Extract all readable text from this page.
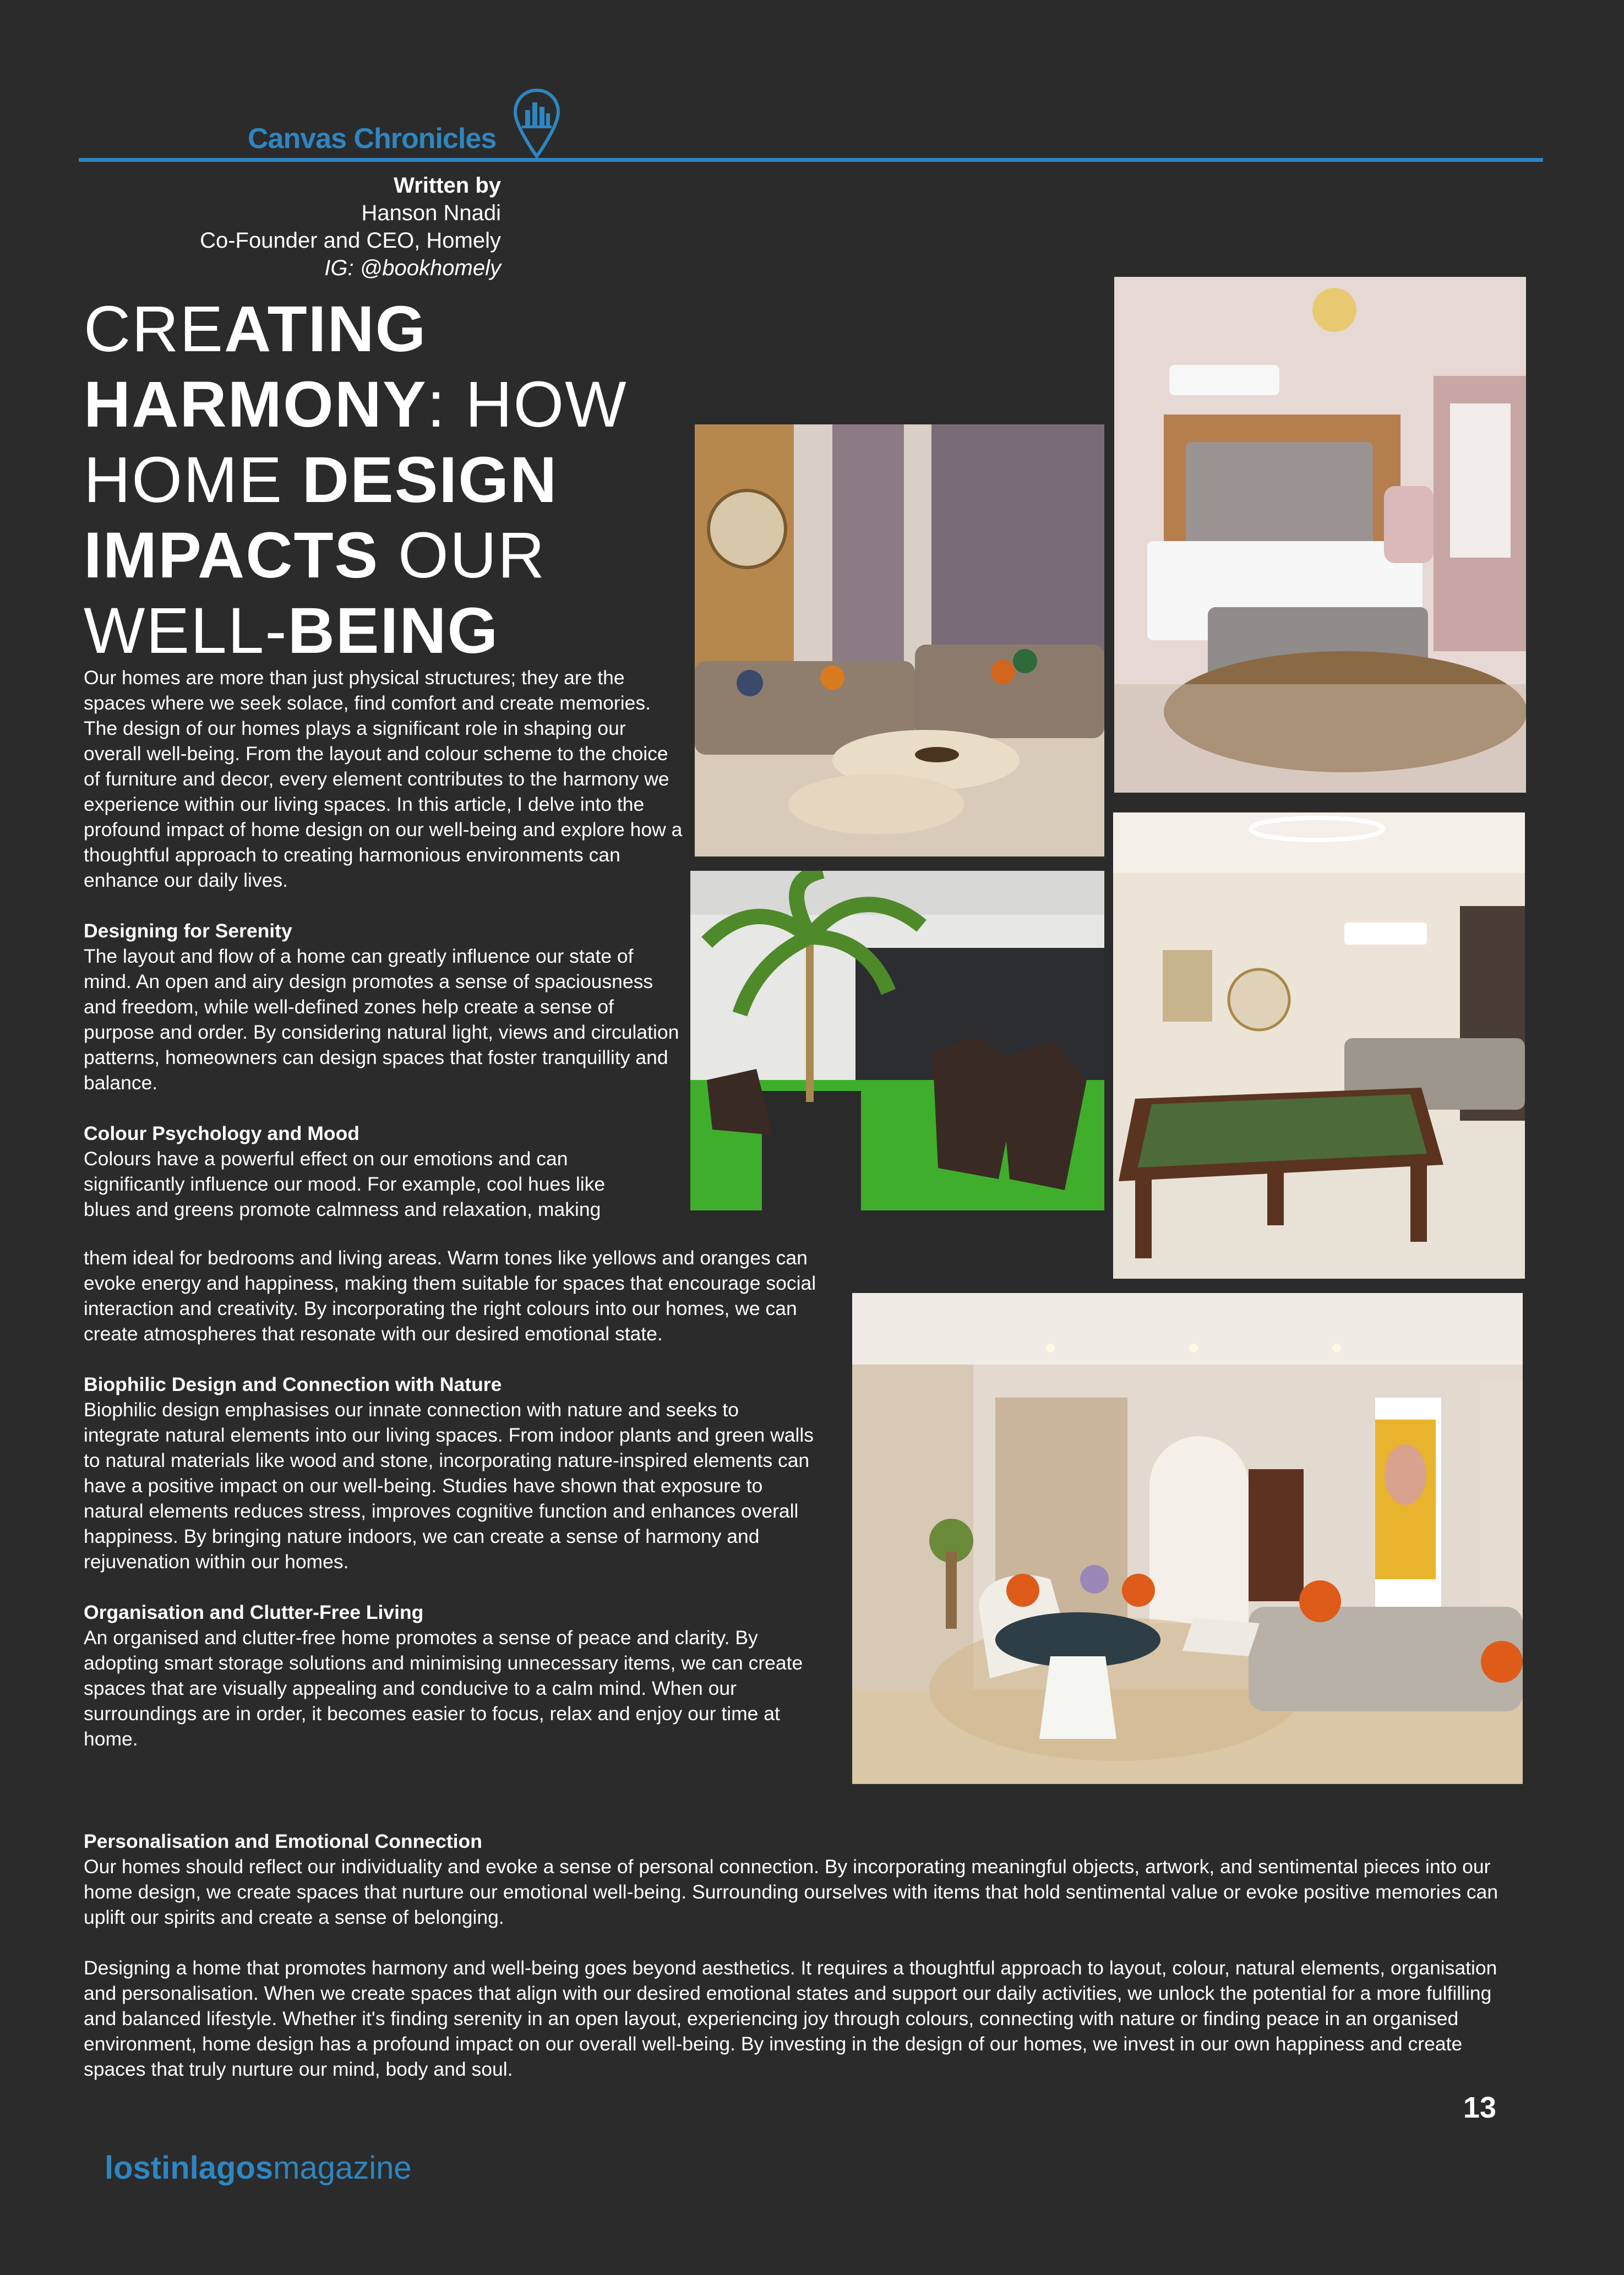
Canvas Chronicles
Written by
Hanson Nnadi
Co-Founder and CEO, Homely
IG: @bookhomely
CREATING
HARMONY: HOW
HOME DESIGN
IMPACTS OUR
WELL-BEING

Our homes are more than just physical structures; they are the spaces where we seek solace, find comfort and create memories. The design of our homes plays a significant role in shaping our overall well-being. From the layout and colour scheme to the choice of furniture and decor, every element contributes to the harmony we experience within our living spaces. In this article, I delve into the profound impact of home design on our well-being and explore how a thoughtful approach to creating harmonious environments can enhance our daily lives.

Designing for Serenity

The layout and flow of a home can greatly influence our state of mind. An open and airy design promotes a sense of spaciousness and freedom, while well-defined zones help create a sense of purpose and order. By considering natural light, views and circulation patterns, homeowners can design spaces that foster tranquillity and balance.

Colour Psychology and Mood
Colours have a powerful effect on our emotions and can significantly influence our mood. For example, cool hues like blues and greens promote calmness and relaxation, making

them ideal for bedrooms and living areas. Warm tones like yellows and oranges can evoke energy and happiness, making them suitable for spaces that encourage social interaction and creativity. By incorporating the right colours into our homes, we can create atmospheres that resonate with our desired emotional state.

Biophilic Design and Connection with Nature

Biophilic design emphasises our innate connection with nature and seeks to integrate natural elements into our living spaces. From indoor plants and green walls to natural materials like wood and stone, incorporating nature-inspired elements can have a positive impact on our well-being. Studies have shown that exposure to natural elements reduces stress, improves cognitive function and enhances overall happiness. By bringing nature indoors, we can create a sense of harmony and rejuvenation within our homes.

Organisation and Clutter-Free Living

An organised and clutter-free home promotes a sense of peace and clarity. By adopting smart storage solutions and minimising unnecessary items, we can create spaces that are visually appealing and conducive to a calm mind. When our surroundings are in order, it becomes easier to focus, relax and enjoy our time at home.

Personalisation and Emotional Connection

Our homes should reflect our individuality and evoke a sense of personal connection. By incorporating meaningful objects, artwork, and sentimental pieces into our home design, we create spaces that nurture our emotional well-being. Surrounding ourselves with items that hold sentimental value or evoke positive memories can uplift our spirits and create a sense of belonging.

Designing a home that promotes harmony and well-being goes beyond aesthetics. It requires a thoughtful approach to layout, colour, natural elements, organisation and personalisation. When we create spaces that align with our desired emotional states and support our daily activities, we unlock the potential for a more fulfilling and balanced lifestyle. Whether it's finding serenity in an open layout, experiencing joy through colours, connecting with nature or finding peace in an organised environment, home design has a profound impact on our overall well-being. By investing in the design of our homes, we invest in our own happiness and create spaces that truly nurture our mind, body and soul.

13
lostinlagosmagazine
